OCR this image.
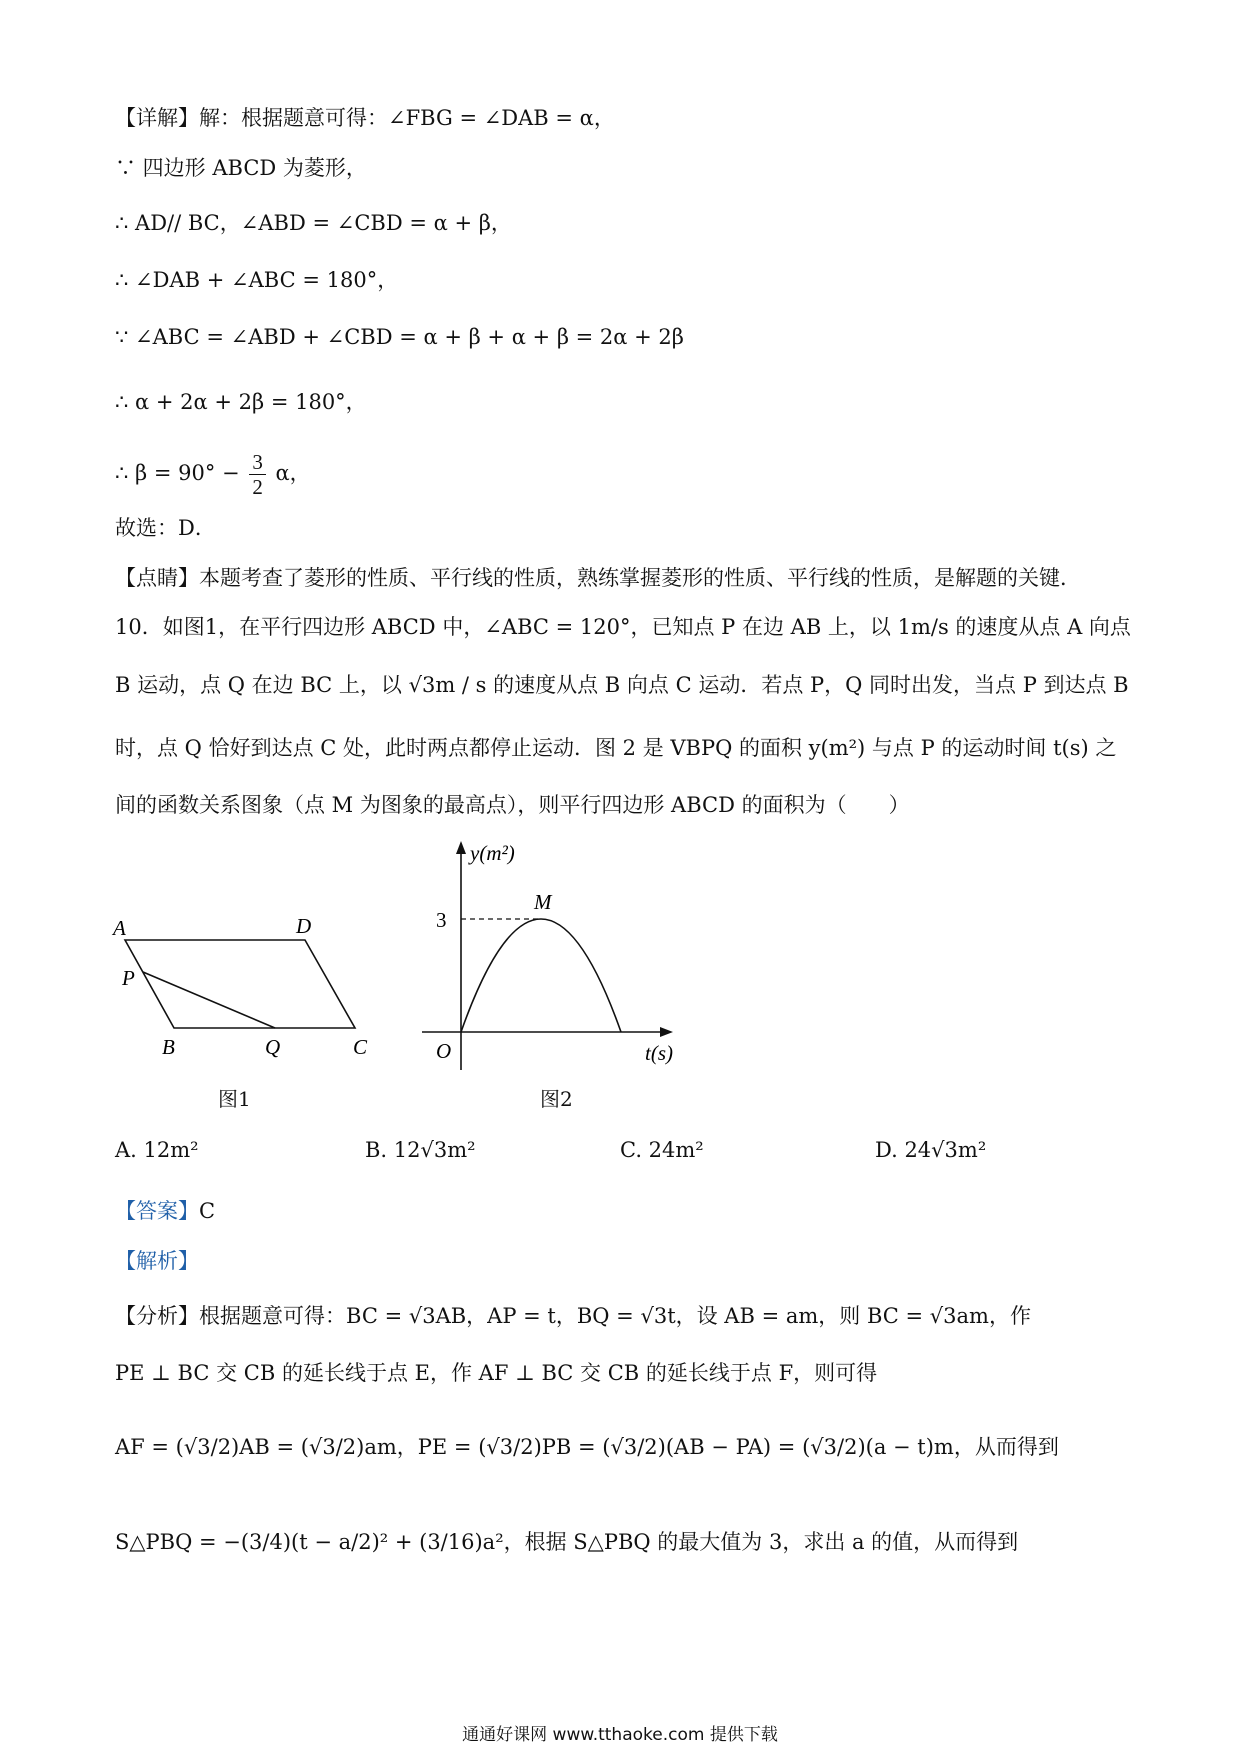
【详解】解：根据题意可得：∠FBG = ∠DAB = α，
∵ 四边形 ABCD 为菱形，
∴ AD// BC，∠ABD = ∠CBD = α + β，
∴ ∠DAB + ∠ABC = 180°，
∵ ∠ABC = ∠ABD + ∠CBD = α + β + α + β = 2α + 2β
∴ α + 2α + 2β = 180°，
∴ $\beta = 90^\circ - \frac{3}{2}$ α，
故选：D．
【点睛】本题考查了菱形的性质、平行线的性质，熟练掌握菱形的性质、平行线的性质，是解题的关键．
10．如图1，在平行四边形 ABCD 中，∠ABC = 120°，已知点 P 在边 AB 上，以 1m/s 的速度从点 A 向点
B 运动，点 Q 在边 BC 上，以 √3m / s 的速度从点 B 向点 C 运动．若点 P，Q 同时出发，当点 P 到达点 B
时，点 Q 恰好到达点 C 处，此时两点都停止运动．图 2 是 VBPQ 的面积 y(m²) 与点 P 的运动时间 t(s) 之
间的函数关系图象（点 M 为图象的最高点），则平行四边形 ABCD 的面积为（　　）
A	D
P
B	Q	C
图1
y(m²)
3
M
O	t(s)
图2
A. 12m²	B. 12√3m²	C. 24m²	D. 24√3m²
【答案】C
【解析】
【分析】根据题意可得：BC = √3AB，AP = t，BQ = √3t，设 AB = am，则 BC = √3am，作
PE ⊥ BC 交 CB 的延长线于点 E，作 AF ⊥ BC 交 CB 的延长线于点 F，则可得
AF = (√3/2)AB = (√3/2)am，PE = (√3/2)PB = (√3/2)(AB − PA) = (√3/2)(a − t)m，从而得到
S△PBQ = −(3/4)(t − a/2)² + (3/16)a²，根据 S△PBQ 的最大值为 3，求出 a 的值，从而得到
通通好课网 www.tthaoke.com 提供下载
